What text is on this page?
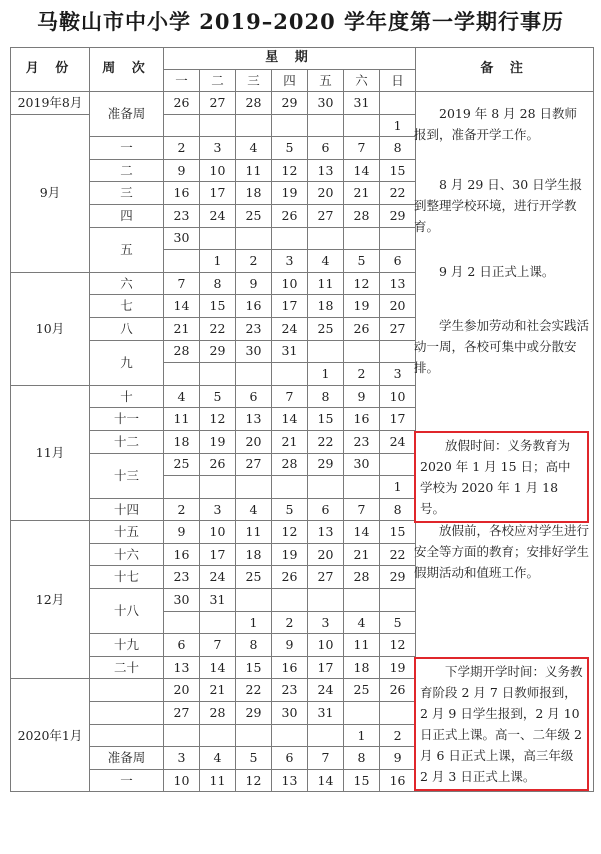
马鞍山市中小学 2019–2020 学年度第一学期行事历
月 份	周 次	星 期							备 注
		一	二	三	四	五	六	日	
2019年8月	准备周	26	27	28	29	30	31		
9月								1	
	一	2	3	4	5	6	7	8	
	二	9	10	11	12	13	14	15	
	三	16	17	18	19	20	21	22	
	四	23	24	25	26	27	28	29	
	五	30							
			1	2	3	4	5	6	
10月	六	7	8	9	10	11	12	13	
	七	14	15	16	17	18	19	20	
	八	21	22	23	24	25	26	27	
	九	28	29	30	31				
						1	2	3	
11月	十	4	5	6	7	8	9	10	
	十一	11	12	13	14	15	16	17	
	十二	18	19	20	21	22	23	24	
	十三	25	26	27	28	29	30		
								1	
	十四	2	3	4	5	6	7	8	
12月	十五	9	10	11	12	13	14	15	
	十六	16	17	18	19	20	21	22	
	十七	23	24	25	26	27	28	29	
	十八	30	31						
				1	2	3	4	5	
	十九	6	7	8	9	10	11	12	
	二十	13	14	15	16	17	18	19	
2020年1月		20	21	22	23	24	25	26	
		27	28	29	30	31			
							1	2	
	准备周	3	4	5	6	7	8	9	
	一	10	11	12	13	14	15	16	
2019 年 8 月 28 日教师报到，准备开学工作。
8 月 29 日、30 日学生报到整理学校环境，进行开学教育。
9 月 2 日正式上课。
学生参加劳动和社会实践活动一周，各校可集中或分散安排。
放假时间：义务教育为 2020 年 1 月 15 日；高中学校为 2020 年 1 月 18 号。
放假前，各校应对学生进行安全等方面的教育；安排好学生假期活动和值班工作。
下学期开学时间：义务教育阶段 2 月 7 日教师报到，2 月 9 日学生报到，2 月 10 日正式上课。高一、二年级 2 月 6 日正式上课，高三年级 2 月 3 日正式上课。
